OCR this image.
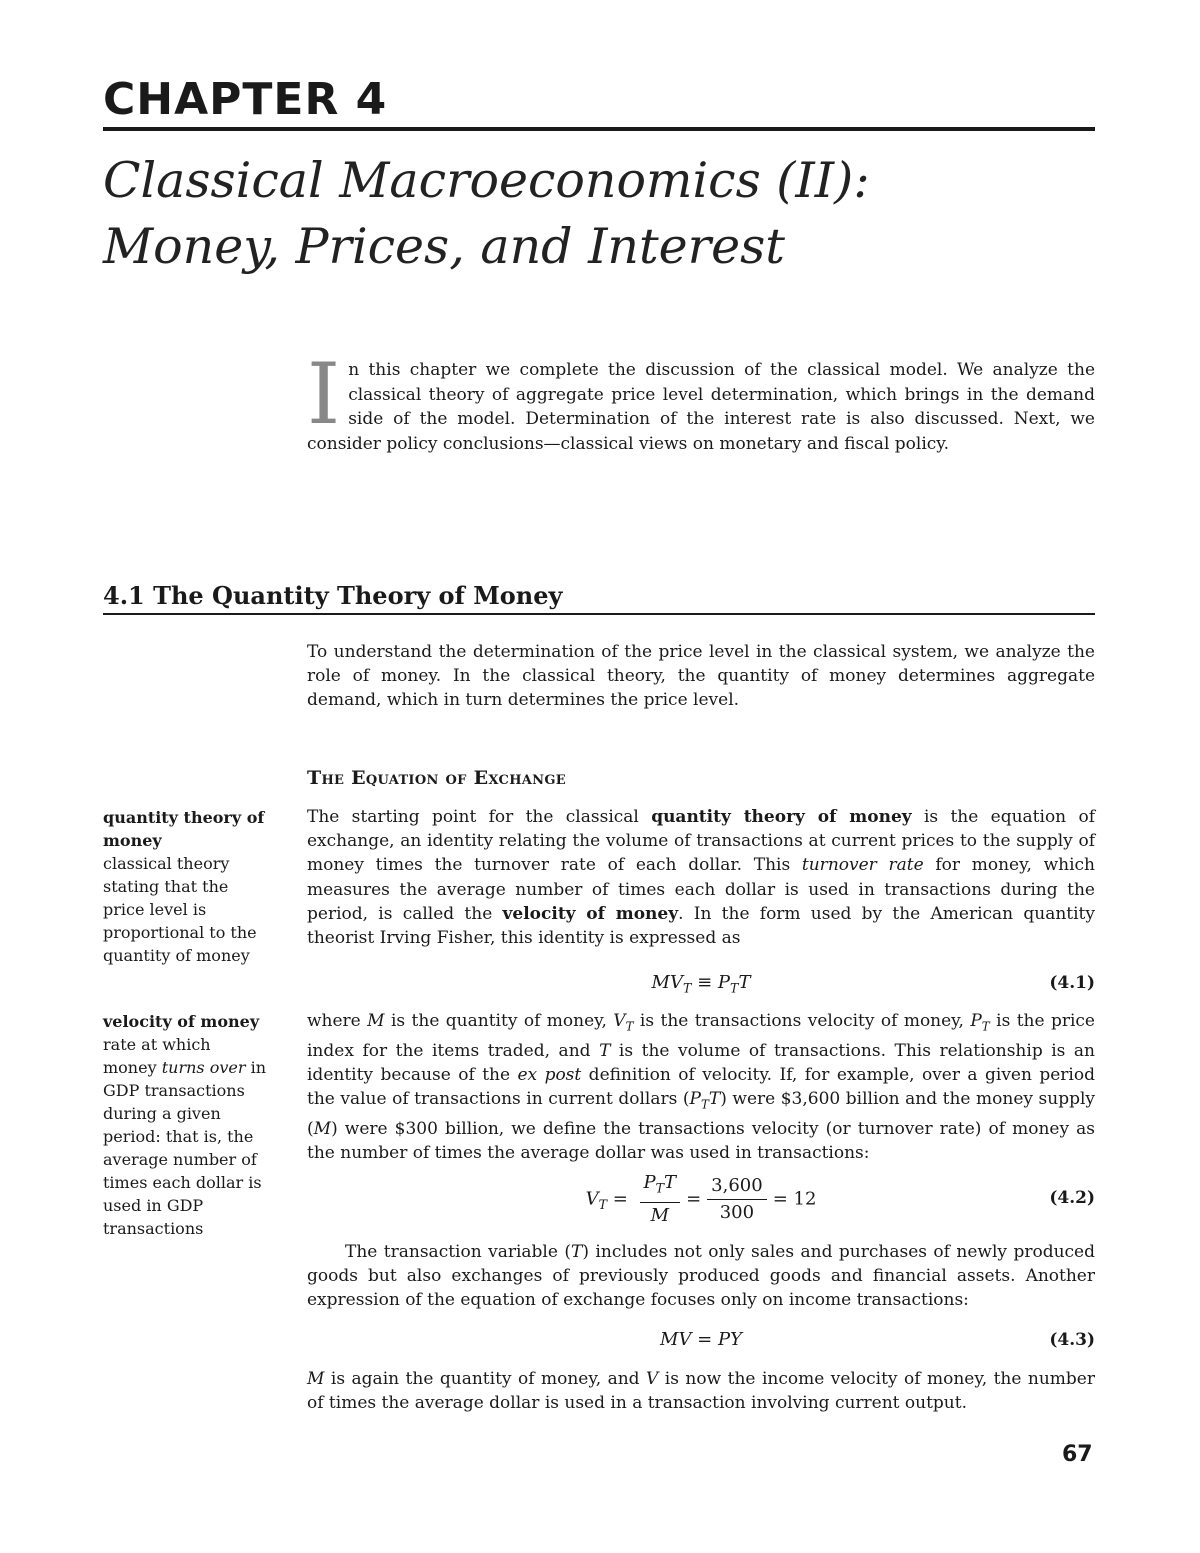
CHAPTER 4
Classical Macroeconomics (II):
Money, Prices, and Interest
In this chapter we complete the discussion of the classical model. We analyze the classical theory of aggregate price level determination, which brings in the demand side of the model. Determination of the interest rate is also discussed. Next, we consider policy conclusions—classical views on monetary and fiscal policy.
4.1 The Quantity Theory of Money
To understand the determination of the price level in the classical system, we analyze the role of money. In the classical theory, the quantity of money determines aggregate demand, which in turn determines the price level.
The Equation of Exchange
The starting point for the classical quantity theory of money is the equation of exchange, an identity relating the volume of transactions at current prices to the supply of money times the turnover rate of each dollar. This turnover rate for money, which measures the average number of times each dollar is used in transactions during the period, is called the velocity of money. In the form used by the American quantity theorist Irving Fisher, this identity is expressed as
$MV_T \equiv P_TT$	(4.1)
where M is the quantity of money, $V_T$ is the transactions velocity of money, $P_T$ is the price index for the items traded, and T is the volume of transactions. This relationship is an identity because of the ex post definition of velocity. If, for example, over a given period the value of transactions in current dollars $(P_TT)$ were $3,600 billion and the money supply (M) were $300 billion, we define the transactions velocity (or turnover rate) of money as the number of times the average dollar was used in transactions:
$V_T = \frac{P_TT}{M} = \frac{3,600}{300} = 12$	(4.2)
The transaction variable (T) includes not only sales and purchases of newly produced goods but also exchanges of previously produced goods and financial assets. Another expression of the equation of exchange focuses only on income transactions:
MV = PY	(4.3)
M is again the quantity of money, and V is now the income velocity of money, the number of times the average dollar is used in a transaction involving current output.
quantity theory of money
classical theory stating that the price level is proportional to the quantity of money
velocity of money
rate at which money turns over in GDP transactions during a given period: that is, the average number of times each dollar is used in GDP transactions
67
